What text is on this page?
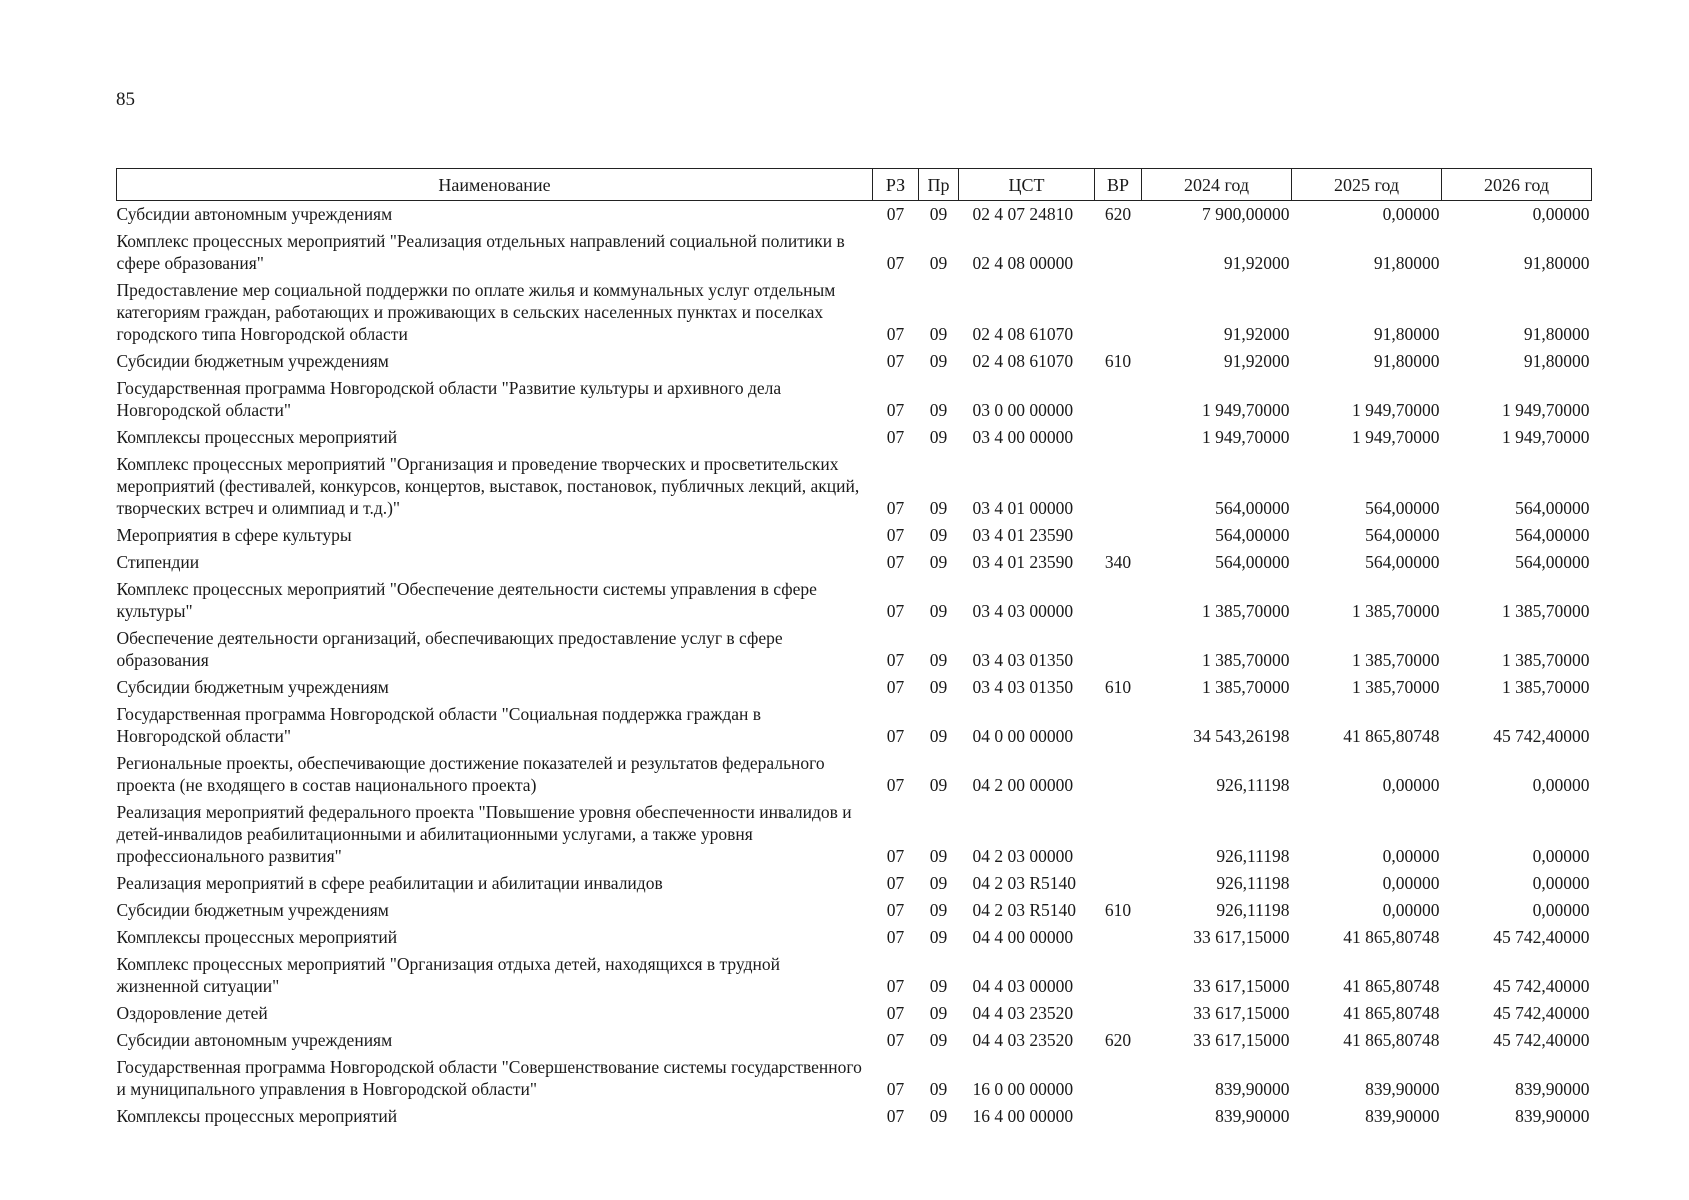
85
Наименование	РЗ	Пр	ЦСТ	ВР	2024 год	2025 год	2026 год
Субсидии автономным учреждениям	07	09	02 4 07 24810	620	7 900,00000	0,00000	0,00000
Комплекс процессных мероприятий "Реализация отдельных направлений социальной политики в сфере образования"	07	09	02 4 08 00000		91,92000	91,80000	91,80000
Предоставление мер социальной поддержки по оплате жилья и коммунальных услуг отдельным категориям граждан, работающих и проживающих в сельских населенных пунктах и поселках городского типа Новгородской области	07	09	02 4 08 61070		91,92000	91,80000	91,80000
Субсидии бюджетным учреждениям	07	09	02 4 08 61070	610	91,92000	91,80000	91,80000
Государственная программа Новгородской области "Развитие культуры и архивного дела Новгородской области"	07	09	03 0 00 00000		1 949,70000	1 949,70000	1 949,70000
Комплексы процессных мероприятий	07	09	03 4 00 00000		1 949,70000	1 949,70000	1 949,70000
Комплекс процессных мероприятий "Организация и проведение творческих и просветительских мероприятий (фестивалей, конкурсов, концертов, выставок, постановок, публичных лекций, акций, творческих встреч и олимпиад и т.д.)"	07	09	03 4 01 00000		564,00000	564,00000	564,00000
Мероприятия в сфере культуры	07	09	03 4 01 23590		564,00000	564,00000	564,00000
Стипендии	07	09	03 4 01 23590	340	564,00000	564,00000	564,00000
Комплекс процессных мероприятий "Обеспечение деятельности системы управления в сфере культуры"	07	09	03 4 03 00000		1 385,70000	1 385,70000	1 385,70000
Обеспечение деятельности организаций, обеспечивающих предоставление услуг в сфере образования	07	09	03 4 03 01350		1 385,70000	1 385,70000	1 385,70000
Субсидии бюджетным учреждениям	07	09	03 4 03 01350	610	1 385,70000	1 385,70000	1 385,70000
Государственная программа Новгородской области "Социальная поддержка граждан в Новгородской области"	07	09	04 0 00 00000		34 543,26198	41 865,80748	45 742,40000
Региональные проекты, обеспечивающие достижение показателей и результатов федерального проекта (не входящего в состав национального проекта)	07	09	04 2 00 00000		926,11198	0,00000	0,00000
Реализация мероприятий федерального проекта "Повышение уровня обеспеченности инвалидов и детей-инвалидов реабилитационными и абилитационными услугами, а также уровня профессионального развития"	07	09	04 2 03 00000		926,11198	0,00000	0,00000
Реализация мероприятий в сфере реабилитации и абилитации инвалидов	07	09	04 2 03 R5140		926,11198	0,00000	0,00000
Субсидии бюджетным учреждениям	07	09	04 2 03 R5140	610	926,11198	0,00000	0,00000
Комплексы процессных мероприятий	07	09	04 4 00 00000		33 617,15000	41 865,80748	45 742,40000
Комплекс процессных мероприятий "Организация отдыха детей, находящихся в трудной жизненной ситуации"	07	09	04 4 03 00000		33 617,15000	41 865,80748	45 742,40000
Оздоровление детей	07	09	04 4 03 23520		33 617,15000	41 865,80748	45 742,40000
Субсидии автономным учреждениям	07	09	04 4 03 23520	620	33 617,15000	41 865,80748	45 742,40000
Государственная программа Новгородской области "Совершенствование системы государственного и муниципального управления в Новгородской области"	07	09	16 0 00 00000		839,90000	839,90000	839,90000
Комплексы процессных мероприятий	07	09	16 4 00 00000		839,90000	839,90000	839,90000
